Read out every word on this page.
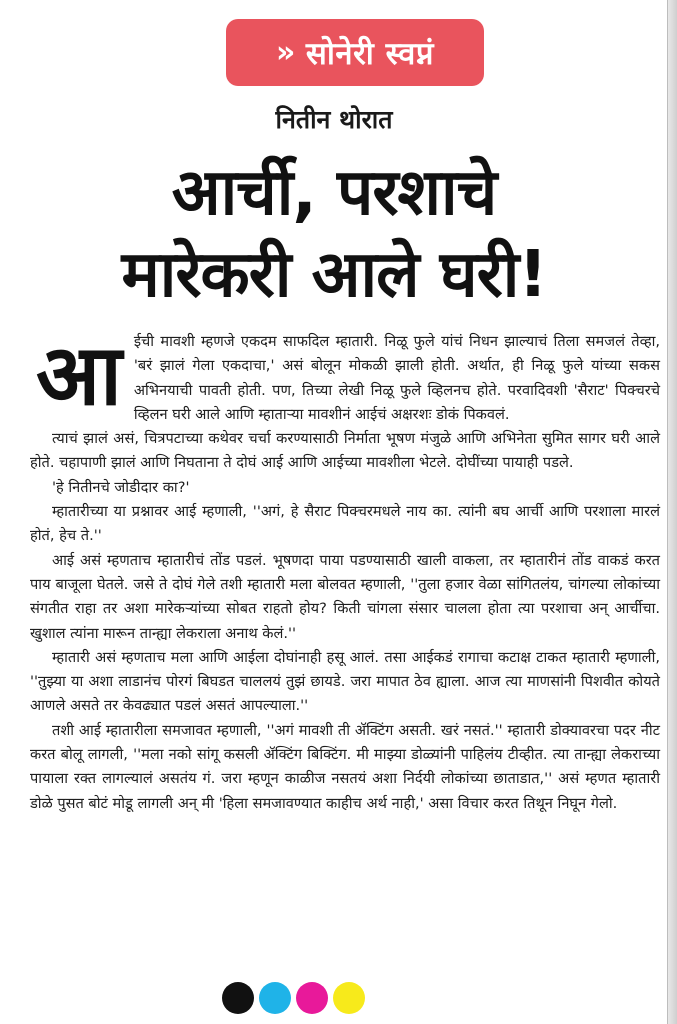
» सोनेरी स्वप्नं
नितीन थोरात
आर्ची, परशाचे
मारेकरी आले घरी!
आ ईची मावशी म्हणजे एकदम साफदिल म्हातारी. निळू फुले यांचं निधन झाल्याचं तिला समजलं तेव्हा, 'बरं झालं गेला एकदाचा,' असं बोलून मोकळी झाली होती. अर्थात, ही निळू फुले यांच्या सकस अभिनयाची पावती होती. पण, तिच्या लेखी निळू फुले व्हिलनच होते. परवादिवशी 'सैराट' पिक्चरचे व्हिलन घरी आले आणि म्हाताऱ्या मावशीनं आईचं अक्षरशः डोकं पिकवलं.

त्याचं झालं असं, चित्रपटाच्या कथेवर चर्चा करण्यासाठी निर्माता भूषण मंजुळे आणि अभिनेता सुमित सागर घरी आले होते. चहापाणी झालं आणि निघताना ते दोघं आई आणि आईच्या मावशीला भेटले. दोघींच्या पायाही पडले.

'हे नितीनचे जोडीदार का?'

म्हातारीच्या या प्रश्नावर आई म्हणाली, ''अगं, हे सैराट पिक्चरमधले नाय का. त्यांनी बघ आर्ची आणि परशाला मारलं होतं, हेच ते.''

आई असं म्हणताच म्हातारीचं तोंड पडलं. भूषणदा पाया पडण्यासाठी खाली वाकला, तर म्हातारीनं तोंड वाकडं करत पाय बाजूला घेतले. जसे ते दोघं गेले तशी म्हातारी मला बोलवत म्हणाली, ''तुला हजार वेळा सांगितलंय, चांगल्या लोकांच्या संगतीत राहा तर अशा मारेकऱ्यांच्या सोबत राहतो होय? किती चांगला संसार चालला होता त्या परशाचा अन् आर्चीचा. खुशाल त्यांना मारून तान्ह्या लेकराला अनाथ केलं.''

म्हातारी असं म्हणताच मला आणि आईला दोघांनाही हसू आलं. तसा आईकडं रागाचा कटाक्ष टाकत म्हातारी म्हणाली, ''तुझ्या या अशा लाडानंच पोरगं बिघडत चाललयं तुझं छायडे. जरा मापात ठेव ह्याला. आज त्या माणसांनी पिशवीत कोयते आणले असते तर केवढ्यात पडलं असतं आपल्याला.''

तशी आई म्हातारीला समजावत म्हणाली, ''अगं मावशी ती ॲक्टिंग असती. खरं नसतं.'' म्हातारी डोक्यावरचा पदर नीट करत बोलू लागली, ''मला नको सांगू कसली ॲक्टिंग बिक्टिंग. मी माझ्या डोळ्यांनी पाहिलंय टीव्हीत. त्या तान्ह्या लेकराच्या पायाला रक्त लागल्यालं असतंय गं. जरा म्हणून काळीज नसतयं अशा निर्दयी लोकांच्या छाताडात,'' असं म्हणत म्हातारी डोळे पुसत बोटं मोडू लागली अन् मी 'हिला समजावण्यात काहीच अर्थ नाही,' असा विचार करत तिथून निघून गेलो.
